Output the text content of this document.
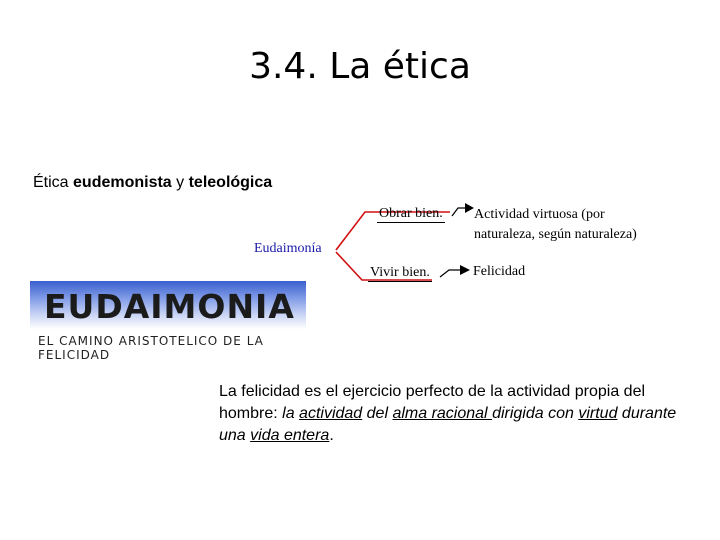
3.4. La ética
Ética eudemonista y teleológica
Eudaimonía
Obrar bien.
Vivir bien.
Actividad virtuosa (por naturaleza, según naturaleza)
Felicidad
EUDAIMONIA
EL CAMINO ARISTOTELICO DE LA FELICIDAD
La felicidad es el ejercicio perfecto de la actividad propia del hombre: la actividad del alma racional dirigida con virtud durante una vida entera.
